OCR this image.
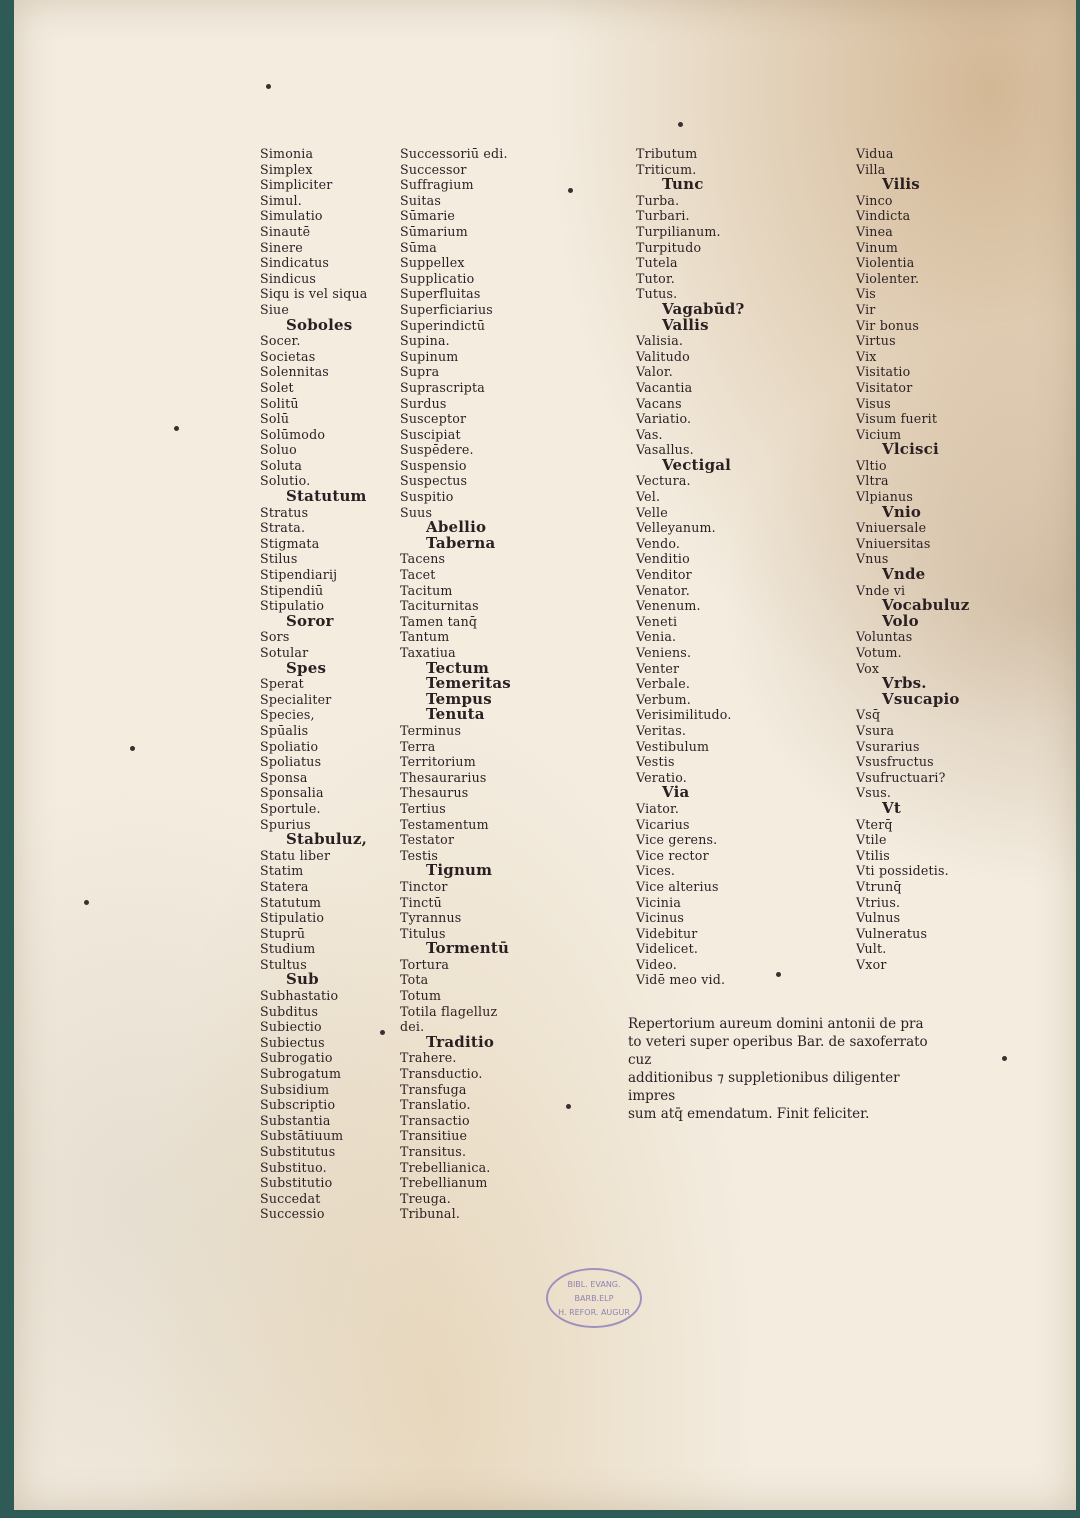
Simonia
Simplex
Simpliciter
Simul.
Simulatio
Sinautē
Sinere
Sindicatus
Sindicus
Siqu is vel siqua
Siue
Soboles
Socer.
Societas
Solennitas
Solet
Solitū
Solū
Solūmodo
Soluo
Soluta
Solutio.
Statutum
Stratus
Strata.
Stigmata
Stilus
Stipendiarij
Stipendiū
Stipulatio
Soror
Sors
Sotular
Spes
Sperat
Specialiter
Species,
Spūalis
Spoliatio
Spoliatus
Sponsa
Sponsalia
Sportule.
Spurius
Stabuluz,
Statu liber
Statim
Statera
Statutum
Stipulatio
Stuprū
Studium
Stultus
Sub
Subhastatio
Subditus
Subiectio
Subiectus
Subrogatio
Subrogatum
Subsidium
Subscriptio
Substantia
Substātiuum
Substitutus
Substituo.
Substitutio
Succedat
Successio
Successoriū edi.
Successor
Suffragium
Suitas
Sūmarie
Sūmarium
Sūma
Suppellex
Supplicatio
Superfluitas
Superficiarius
Superindictū
Supina.
Supinum
Supra
Suprascripta
Surdus
Susceptor
Suscipiat
Suspēdere.
Suspensio
Suspectus
Suspitio
Suus
Abellio
Taberna
Tacens
Tacet
Tacitum
Taciturnitas
Tamen tanq̄
Tantum
Taxatiua
Tectum
Temeritas
Tempus
Tenuta
Terminus
Terra
Territorium
Thesaurarius
Thesaurus
Tertius
Testamentum
Testator
Testis
Tignum
Tinctor
Tinctū
Tyrannus
Titulus
Tormentū
Tortura
Tota
Totum
Totila flagelluz
dei.
Traditio
Trahere.
Transductio.
Transfuga
Translatio.
Transactio
Transitiue
Transitus.
Trebellianica.
Trebellianum
Treuga.
Tribunal.
Tributum
Triticum.
Tunc
Turba.
Turbari.
Turpilianum.
Turpitudo
Tutela
Tutor.
Tutus.
Vagabūd?
Vallis
Valisia.
Valitudo
Valor.
Vacantia
Vacans
Variatio.
Vas.
Vasallus.
Vectigal
Vectura.
Vel.
Velle
Velleyanum.
Vendo.
Venditio
Venditor
Venator.
Venenum.
Veneti
Venia.
Veniens.
Venter
Verbale.
Verbum.
Verisimilitudo.
Veritas.
Vestibulum
Vestis
Veratio.
Via
Viator.
Vicarius
Vice gerens.
Vice rector
Vices.
Vice alterius
Vicinia
Vicinus
Videbitur
Videlicet.
Video.
Vidē meo vid.
Vidua
Villa
Vilis
Vinco
Vindicta
Vinea
Vinum
Violentia
Violenter.
Vis
Vir
Vir bonus
Virtus
Vix
Visitatio
Visitator
Visus
Visum fuerit
Vicium
Vlcisci
Vltio
Vltra
Vlpianus
Vnio
Vniuersale
Vniuersitas
Vnus
Vnde
Vnde vi
Vocabuluz
Volo
Voluntas
Votum.
Vox
Vrbs.
Vsucapio
Vsq̄
Vsura
Vsurarius
Vsusfructus
Vsufructuari?
Vsus.
Vt
Vterq̄
Vtile
Vtilis
Vti possidetis.
Vtrunq̄
Vtrius.
Vulnus
Vulneratus
Vult.
Vxor
Repertorium aureum domini antonii de pra
to veteri super operibus Bar. de saxoferrato cuz
additionibus ⁊ suppletionibus diligenter impres
sum atq̄ emendatum. Finit feliciter.
BIBL. EVANG.
BARB.ELP
H. REFOR. AUGUR
